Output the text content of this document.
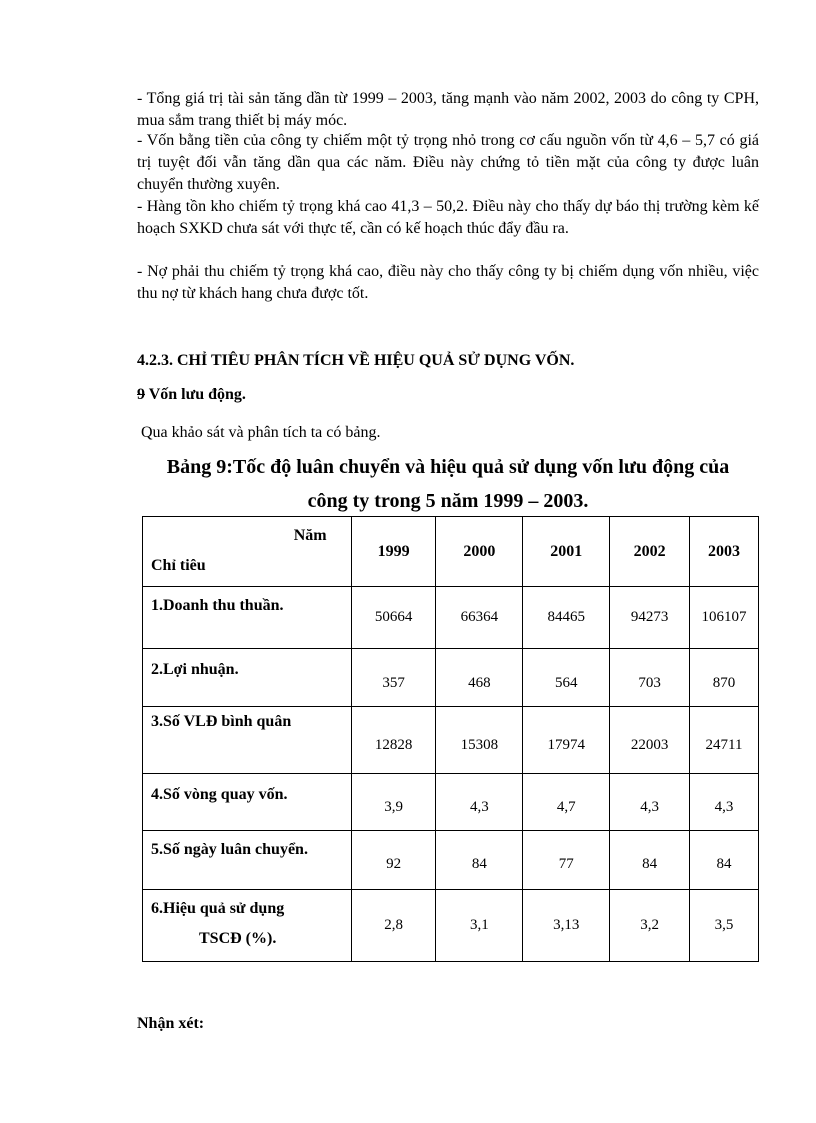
- Tổng giá trị tài sản tăng dần từ 1999 – 2003, tăng mạnh vào năm 2002, 2003 do công ty CPH, mua sắm trang thiết bị máy móc.
- Vốn bằng tiền của công ty chiếm một tỷ trọng nhỏ trong cơ cấu nguồn vốn từ 4,6 – 5,7 có giá trị tuyệt đối vẫn tăng dần qua các năm. Điều này chứng tỏ tiền mặt của công ty được luân chuyển thường xuyên.
- Hàng tồn kho chiếm tỷ trọng khá cao 41,3 – 50,2. Điều này cho thấy dự báo thị trường kèm kế hoạch SXKD chưa sát với thực tế, cần có kế hoạch thúc đẩy đầu ra.
- Nợ phải thu chiếm tỷ trọng khá cao, điều này cho thấy công ty bị chiếm dụng vốn nhiều, việc thu nợ từ khách hang chưa được tốt.
4.2.3. CHỈ TIÊU PHÂN TÍCH VỀ HIỆU QUẢ SỬ DỤNG VỐN.
9 Vốn lưu động.
Qua khảo sát và phân tích ta có bảng.
Bảng 9:Tốc độ luân chuyển và hiệu quả sử dụng vốn lưu động của
công ty trong 5 năm 1999 – 2003.
Năm
Chỉ tiêu	1999	2000	2001	2002	2003

1.Doanh thu thuần.	50664	66364	84465	94273	106107

2.Lợi nhuận.	357	468	564	703	870

3.Số VLĐ bình quân	12828	15308	17974	22003	24711

4.Số vòng quay vốn.	3,9	4,3	4,7	4,3	4,3

5.Số ngày luân chuyển.	92	84	77	84	84

6.Hiệu quả sử dụng
TSCĐ (%).	2,8	3,1	3,13	3,2	3,5
Nhận xét:
